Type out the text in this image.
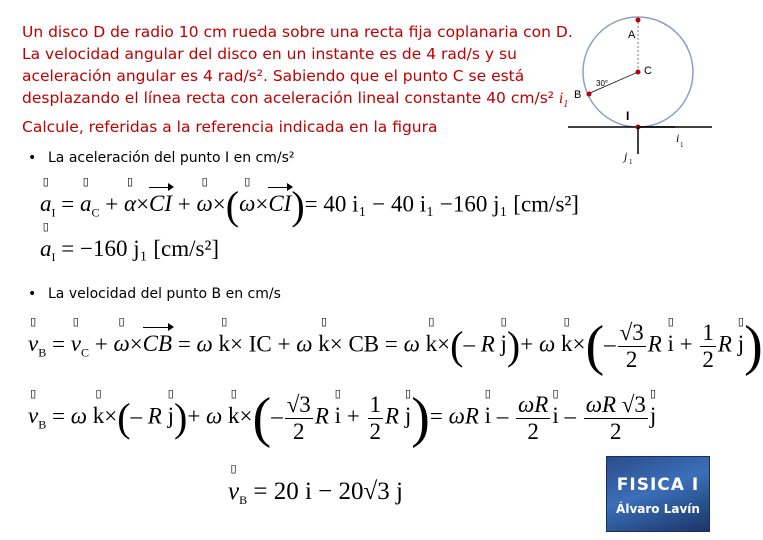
Un disco D de radio 10 cm rueda sobre una recta fija coplanaria con D.
La velocidad angular del disco en un instante es de 4 rad/s y su
aceleración angular es 4 rad/s². Sabiendo que el punto C se está
desplazando el línea recta con aceleración lineal constante 40 cm/s² $i_1$
Calcule, referidas a la referencia indicada en la figura
A
C
B
30°
I
i 1
j 1
• La aceleración del punto I en cm/s²
▯ $a_I$ = ▯ $a_C$ + ▯ α×CI + ▯ ω×(▯ ω×CI)= 40 i₁ − 40 i₁ −160 j₁ [cm/s²]
▯ $a_I = -160$ j₁ [cm/s²]
• La velocidad del punto B en cm/s
▯ $v_B$ = ▯ $v_C$ + ▯ ω×CB = ω ▯ k× IC + ω ▯ k× CB = ω ▯ k×(– R ▯ j)+ ω ▯ $k\times(- \frac{√3}{2}$ R ▯ $i + \frac{1}{2}$ R ▯ j)
▯ $v_B = \omega$ ▯ k×(– R ▯ j)+ ω ▯ $k\times(- \frac{√3}{2}$ R ▯ $i + \frac{1}{2}$ R ▯ j)= ωR ▯ i – $\frac{\omega R}{2}$ ▯ i – $\frac{\omega R √3}{2}$ ▯ j
▯ $v_B = 20$ i − 20√3 j	FISICA I
Álvaro Lavín
